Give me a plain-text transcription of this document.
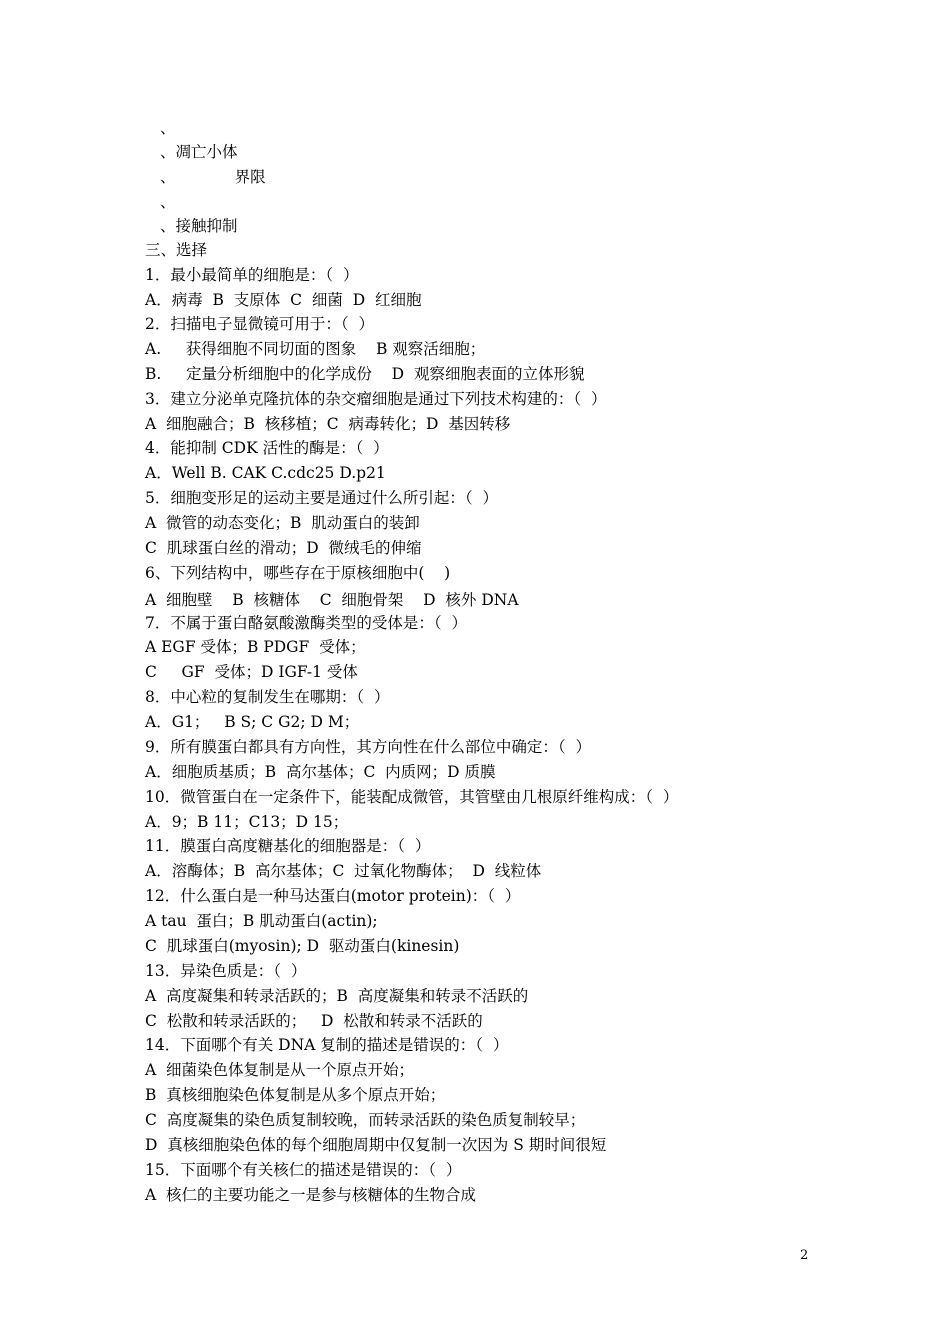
、
、凋亡小体
、            界限
、
、接触抑制
三、选择
1．最小最简单的细胞是：（  ）
A．病毒  B  支原体  C  细菌  D  红细胞
2．扫描电子显微镜可用于：（  ）
A.     获得细胞不同切面的图象    B 观察活细胞；
B.     定量分析细胞中的化学成份    D  观察细胞表面的立体形貌
3．建立分泌单克隆抗体的杂交瘤细胞是通过下列技术构建的：（  ）
A  细胞融合；B  核移植；C  病毒转化；D  基因转移
4．能抑制 CDK 活性的酶是：（  ）
A．Well B. CAK C.cdc25 D.p21
5．细胞变形足的运动主要是通过什么所引起：（  ）
A  微管的动态变化；B  肌动蛋白的装卸
C  肌球蛋白丝的滑动；D  微绒毛的伸缩
6、下列结构中，哪些存在于原核细胞中(    )
A  细胞壁    B  核糖体    C  细胞骨架    D  核外 DNA
7．不属于蛋白酪氨酸激酶类型的受体是：（  ）
A EGF 受体；B PDGF  受体；
C     GF  受体；D IGF-1 受体
8．中心粒的复制发生在哪期：（  ）
A．G1；   B S; C G2; D M；
9．所有膜蛋白都具有方向性，其方向性在什么部位中确定：（  ）
A．细胞质基质；B  高尔基体；C  内质网；D 质膜
10．微管蛋白在一定条件下，能装配成微管，其管壁由几根原纤维构成：（  ）
A．9；B 11；C13；D 15；
11．膜蛋白高度糖基化的细胞器是：（  ）
A．溶酶体；B  高尔基体；C  过氧化物酶体；  D  线粒体
12．什么蛋白是一种马达蛋白(motor protein)：（  ）
A tau  蛋白；B 肌动蛋白(actin);
C  肌球蛋白(myosin); D  驱动蛋白(kinesin)
13．异染色质是：（  ）
A  高度凝集和转录活跃的；B  高度凝集和转录不活跃的
C  松散和转录活跃的；   D  松散和转录不活跃的
14．下面哪个有关 DNA 复制的描述是错误的：（  ）
A  细菌染色体复制是从一个原点开始；
B  真核细胞染色体复制是从多个原点开始；
C  高度凝集的染色质复制较晚，而转录活跃的染色质复制较早；
D  真核细胞染色体的每个细胞周期中仅复制一次因为 S 期时间很短
15．下面哪个有关核仁的描述是错误的：（  ）
A  核仁的主要功能之一是参与核糖体的生物合成
2
